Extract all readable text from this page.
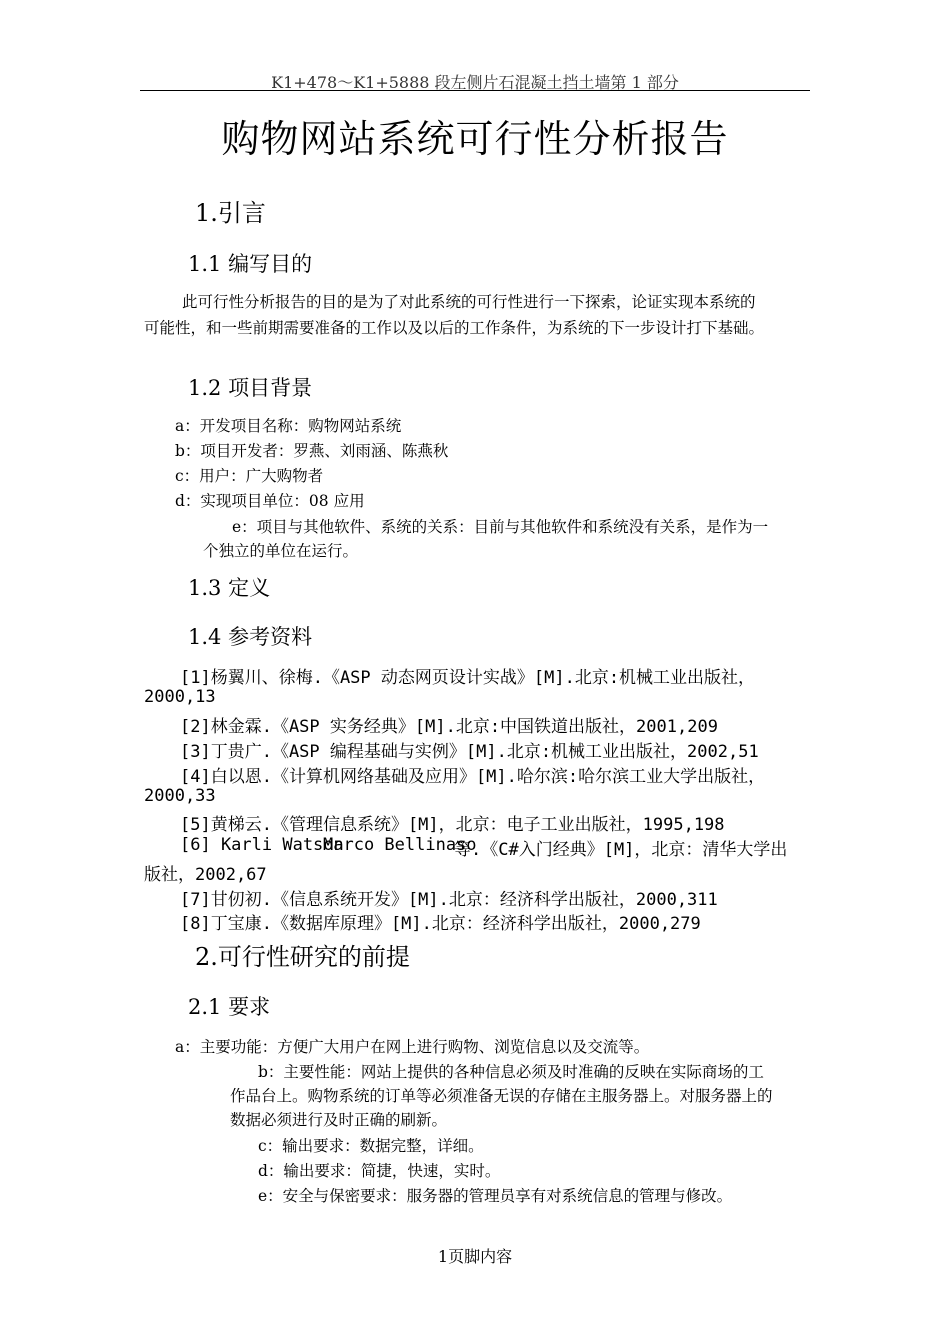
K1+478～K1+5888 段左侧片石混凝土挡土墙第 1 部分
购物网站系统可行性分析报告
1.引言
1.1 编写目的
此可行性分析报告的目的是为了对此系统的可行性进行一下探索，论证实现本系统的
可能性，和一些前期需要准备的工作以及以后的工作条件，为系统的下一步设计打下基础。
1.2 项目背景
a：开发项目名称：购物网站系统
b：项目开发者：罗燕、刘雨涵、陈燕秋
c：用户：广大购物者
d：实现项目单位：08 应用
e：项目与其他软件、系统的关系：目前与其他软件和系统没有关系，是作为一
个独立的单位在运行。
1.3 定义
1.4 参考资料
[1]杨翼川、徐梅.《ASP 动态网页设计实战》[M].北京:机械工业出版社，
2000,13
[2]林金霖.《ASP 实务经典》[M].北京:中国铁道出版社，2001,209
[3]丁贵广.《ASP 编程基础与实例》[M].北京:机械工业出版社，2002,51
[4]白以恩.《计算机网络基础及应用》[M].哈尔滨:哈尔滨工业大学出版社，
2000,33
[5]黄梯云.《管理信息系统》[M]，北京：电子工业出版社，1995,198
[6] Karli Watson
Marco Bellinaso
等.《C#入门经典》[M]，北京：清华大学出
版社，2002,67
[7]甘仞初.《信息系统开发》[M].北京：经济科学出版社，2000,311
[8]丁宝康.《数据库原理》[M].北京：经济科学出版社，2000,279
2.可行性研究的前提
2.1 要求
a：主要功能：方便广大用户在网上进行购物、浏览信息以及交流等。
b：主要性能：网站上提供的各种信息必须及时准确的反映在实际商场的工
作品台上。购物系统的订单等必须准备无误的存储在主服务器上。对服务器上的
数据必须进行及时正确的刷新。
c：输出要求：数据完整，详细。
d：输出要求：简捷，快速，实时。
e：安全与保密要求：服务器的管理员享有对系统信息的管理与修改。
1页脚内容
